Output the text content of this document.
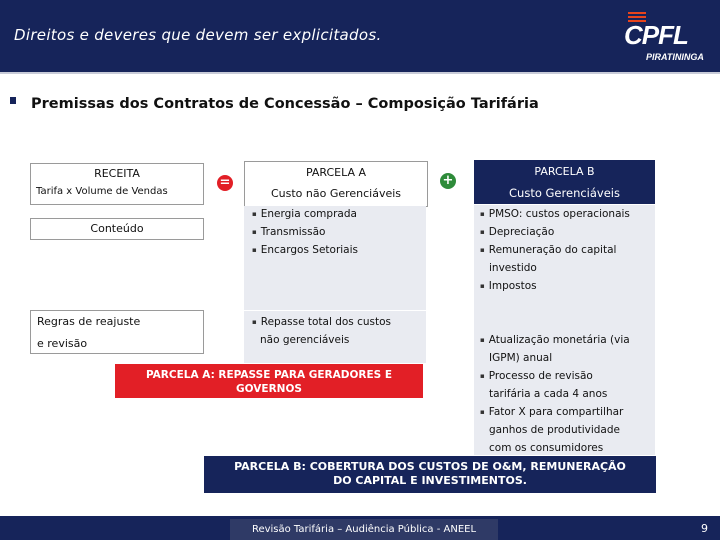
Direitos e deveres que devem ser explicitados.	CPFL
PIRATININGA
Premissas dos Contratos de Concessão – Composição Tarifária
RECEITA
Tarifa x Volume de Vendas
Conteúdo
Regras de reajuste
e revisão
=	+
PARCELA A
Custo não Gerenciáveis
▪ Energia comprada
▪ Transmissão
▪ Encargos Setoriais
▪ Repasse total dos custos
não gerenciáveis
PARCELA B
Custo Gerenciáveis
▪ PMSO: custos operacionais
▪ Depreciação
▪ Remuneração do capital
investido
▪ Impostos
▪ Atualização monetária (via
IGPM) anual
▪ Processo de revisão
tarifária a cada 4 anos
▪ Fator X para compartilhar
ganhos de produtividade
com os consumidores
PARCELA A: REPASSE PARA GERADORES E
GOVERNOS
PARCELA B: COBERTURA DOS CUSTOS DE O&M, REMUNERAÇÃO
DO CAPITAL E INVESTIMENTOS.
9
Revisão Tarifária – Audiência Pública - ANEEL
